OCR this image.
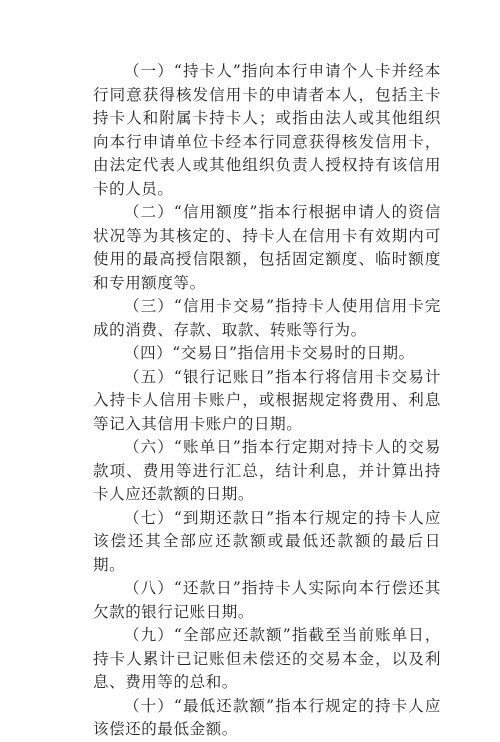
（一）“持卡人”指向本行申请个人卡并经本行同意获得核发信用卡的申请者本人，包括主卡持卡人和附属卡持卡人；或指由法人或其他组织向本行申请单位卡经本行同意获得核发信用卡，由法定代表人或其他组织负责人授权持有该信用卡的人员。

（二）“信用额度”指本行根据申请人的资信状况等为其核定的、持卡人在信用卡有效期内可使用的最高授信限额，包括固定额度、临时额度和专用额度等。

（三）“信用卡交易”指持卡人使用信用卡完成的消费、存款、取款、转账等行为。

（四）“交易日”指信用卡交易时的日期。

（五）“银行记账日”指本行将信用卡交易计入持卡人信用卡账户，或根据规定将费用、利息等记入其信用卡账户的日期。

（六）“账单日”指本行定期对持卡人的交易款项、费用等进行汇总，结计利息，并计算出持卡人应还款额的日期。

（七）“到期还款日”指本行规定的持卡人应该偿还其全部应还款额或最低还款额的最后日期。

（八）“还款日”指持卡人实际向本行偿还其欠款的银行记账日期。

（九）“全部应还款额”指截至当前账单日，持卡人累计已记账但未偿还的交易本金，以及利息、费用等的总和。

（十）“最低还款额”指本行规定的持卡人应该偿还的最低金额。
